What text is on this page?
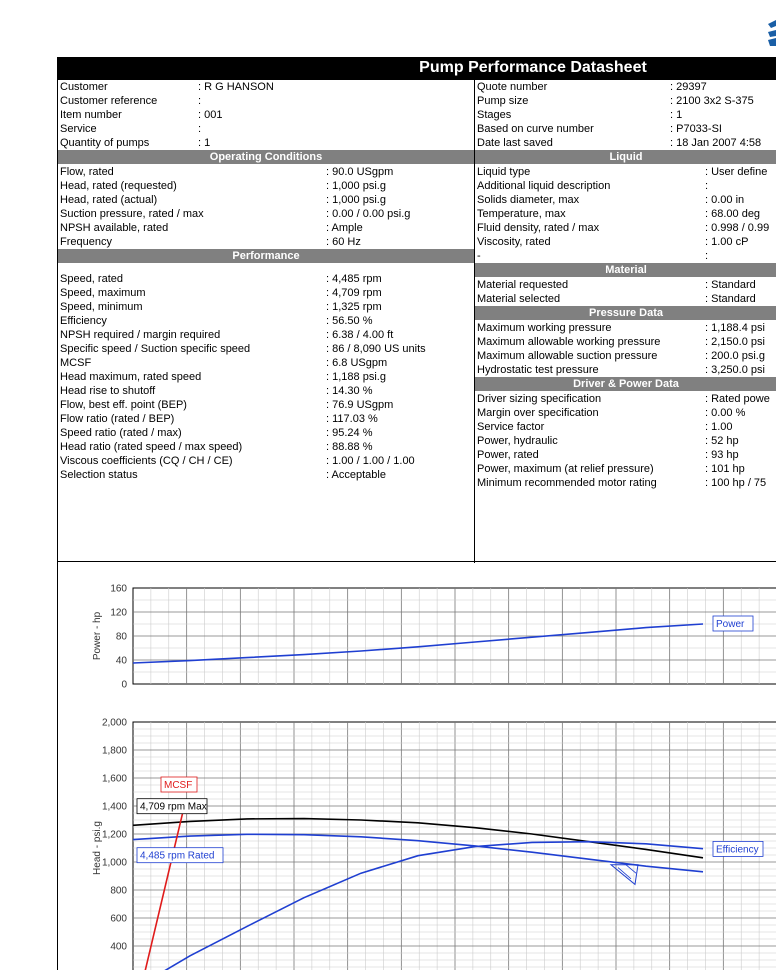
Pump Performance Datasheet
Customer	: R G HANSON
Customer reference	:
Item number	: 001
Service	:
Quantity of pumps	: 1
Operating Conditions
Flow, rated	: 90.0 USgpm
Head, rated (requested)	: 1,000 psi.g
Head, rated (actual)	: 1,000 psi.g
Suction pressure, rated / max	: 0.00 / 0.00 psi.g
NPSH available, rated	: Ample
Frequency	: 60 Hz
Performance
Speed, rated	: 4,485 rpm
Speed, maximum	: 4,709 rpm
Speed, minimum	: 1,325 rpm
Efficiency	: 56.50 %
NPSH required / margin required	: 6.38 / 4.00 ft
Specific speed / Suction specific speed	: 86 / 8,090 US units
MCSF	: 6.8 USgpm
Head maximum, rated speed	: 1,188 psi.g
Head rise to shutoff	: 14.30 %
Flow, best eff. point (BEP)	: 76.9 USgpm
Flow ratio (rated / BEP)	: 117.03 %
Speed ratio (rated / max)	: 95.24 %
Head ratio (rated speed / max speed)	: 88.88 %
Viscous coefficients (CQ / CH / CE)	: 1.00 / 1.00 / 1.00
Selection status	: Acceptable
Quote number	: 29397
Pump size	: 2100 3x2 S-375
Stages	: 1
Based on curve number	: P7033-SI
Date last saved	: 18 Jan 2007 4:58
Liquid
Liquid type	: User define
Additional liquid description	:
Solids diameter, max	: 0.00 in
Temperature, max	: 68.00 deg
Fluid density, rated / max	: 0.998 / 0.99
Viscosity, rated	: 1.00 cP
-	:
Material
Material requested	: Standard
Material selected	: Standard
Pressure Data
Maximum working pressure	: 1,188.4 psi
Maximum allowable working pressure	: 2,150.0 psi
Maximum allowable suction pressure	: 200.0 psi.g
Hydrostatic test pressure	: 3,250.0 psi
Driver & Power Data
Driver sizing specification	: Rated powe
Margin over specification	: 0.00 %
Service factor	: 1.00
Power, hydraulic	: 52 hp
Power, rated	: 93 hp
Power, maximum (at relief pressure)	: 101 hp
Minimum recommended motor rating	: 100 hp / 75
0
40
80
120
160
Power - hp	Power
2,000
1,800
1,600
1,400
1,200
1,000
800
600
400
Head - psi.g	Efficiency
MCSF
4,709 rpm Max
4,485 rpm Rated
